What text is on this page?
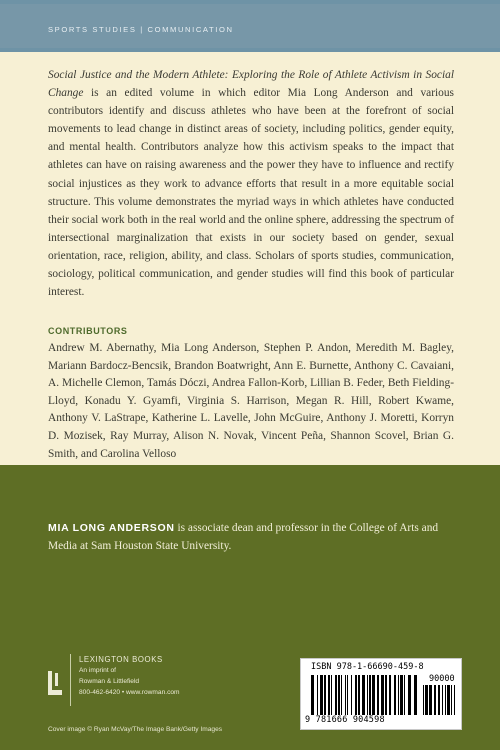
SPORTS STUDIES | COMMUNICATION

Social Justice and the Modern Athlete: Exploring the Role of Athlete Activism in Social Change is an edited volume in which editor Mia Long Anderson and various contributors identify and discuss athletes who have been at the forefront of social movements to lead change in distinct areas of society, including politics, gender equity, and mental health. Contributors analyze how this activism speaks to the impact that athletes can have on raising awareness and the power they have to influence and rectify social injustices as they work to advance efforts that result in a more equitable social structure. This volume demonstrates the myriad ways in which athletes have conducted their social work both in the real world and the online sphere, addressing the spectrum of intersectional marginalization that exists in our society based on gender, sexual orientation, race, religion, ability, and class. Scholars of sports studies, communication, sociology, political communication, and gender studies will find this book of particular interest.

CONTRIBUTORS

Andrew M. Abernathy, Mia Long Anderson, Stephen P. Andon, Meredith M. Bagley, Mariann Bardocz-Bencsik, Brandon Boatwright, Ann E. Burnette, Anthony C. Cavaiani, A. Michelle Clemon, Tamás Dóczi, Andrea Fallon-Korb, Lillian B. Feder, Beth Fielding-Lloyd, Konadu Y. Gyamfi, Virginia S. Harrison, Megan R. Hill, Robert Kwame, Anthony V. LaStrape, Katherine L. Lavelle, John McGuire, Anthony J. Moretti, Korryn D. Mozisek, Ray Murray, Alison N. Novak, Vincent Peña, Shannon Scovel, Brian G. Smith, and Carolina Velloso

MIA LONG ANDERSON is associate dean and professor in the College of Arts and Media at Sam Houston State University.

LEXINGTON BOOKS
An imprint of
Rowman & Littlefield
800-462-6420 • www.rowman.com
ISBN 978-1-66690-459-8
90000
9 781666 904598
Cover image © Ryan McVay/The Image Bank/Getty Images
